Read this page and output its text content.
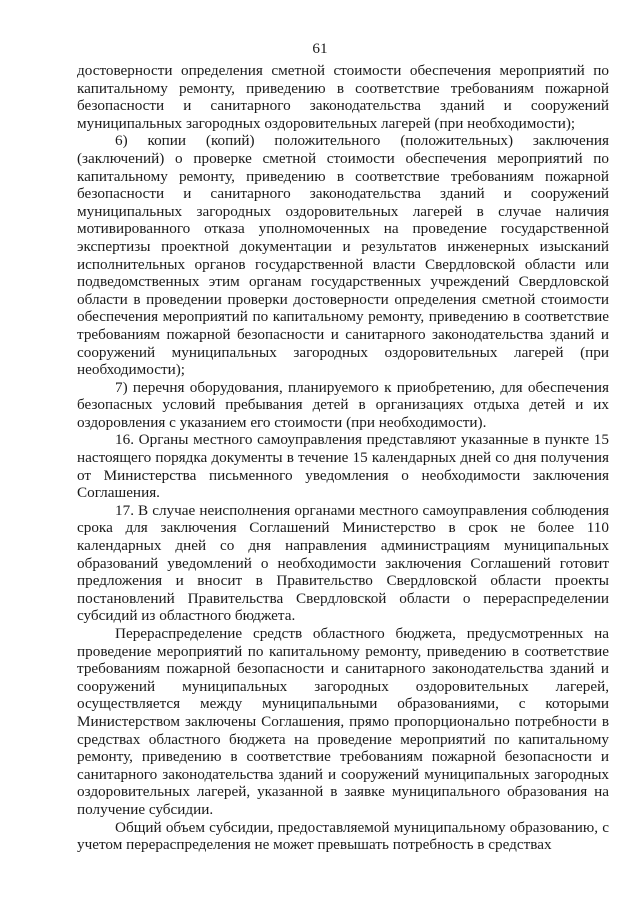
61

достоверности определения сметной стоимости обеспечения мероприятий по капитальному ремонту, приведению в соответствие требованиям пожарной безопасности и санитарного законодательства зданий и сооружений муниципальных загородных оздоровительных лагерей (при необходимости);

6) копии (копий) положительного (положительных) заключения (заключений) о проверке сметной стоимости обеспечения мероприятий по капитальному ремонту, приведению в соответствие требованиям пожарной безопасности и санитарного законодательства зданий и сооружений муниципальных загородных оздоровительных лагерей в случае наличия мотивированного отказа уполномоченных на проведение государственной экспертизы проектной документации и результатов инженерных изысканий исполнительных органов государственной власти Свердловской области или подведомственных этим органам государственных учреждений Свердловской области в проведении проверки достоверности определения сметной стоимости обеспечения мероприятий по капитальному ремонту, приведению в соответствие требованиям пожарной безопасности и санитарного законодательства зданий и сооружений муниципальных загородных оздоровительных лагерей (при необходимости);

7) перечня оборудования, планируемого к приобретению, для обеспечения безопасных условий пребывания детей в организациях отдыха детей и их оздоровления с указанием его стоимости (при необходимости).

16. Органы местного самоуправления представляют указанные в пункте 15 настоящего порядка документы в течение 15 календарных дней со дня получения от Министерства письменного уведомления о необходимости заключения Соглашения.

17. В случае неисполнения органами местного самоуправления соблюдения срока для заключения Соглашений Министерство в срок не более 110 календарных дней со дня направления администрациям муниципальных образований уведомлений о необходимости заключения Соглашений готовит предложения и вносит в Правительство Свердловской области проекты постановлений Правительства Свердловской области о перераспределении субсидий из областного бюджета.

Перераспределение средств областного бюджета, предусмотренных на проведение мероприятий по капитальному ремонту, приведению в соответствие требованиям пожарной безопасности и санитарного законодательства зданий и сооружений муниципальных загородных оздоровительных лагерей, осуществляется между муниципальными образованиями, с которыми Министерством заключены Соглашения, прямо пропорционально потребности в средствах областного бюджета на проведение мероприятий по капитальному ремонту, приведению в соответствие требованиям пожарной безопасности и санитарного законодательства зданий и сооружений муниципальных загородных оздоровительных лагерей, указанной в заявке муниципального образования на получение субсидии.

Общий объем субсидии, предоставляемой муниципальному образованию, с учетом перераспределения не может превышать потребность в средствах
